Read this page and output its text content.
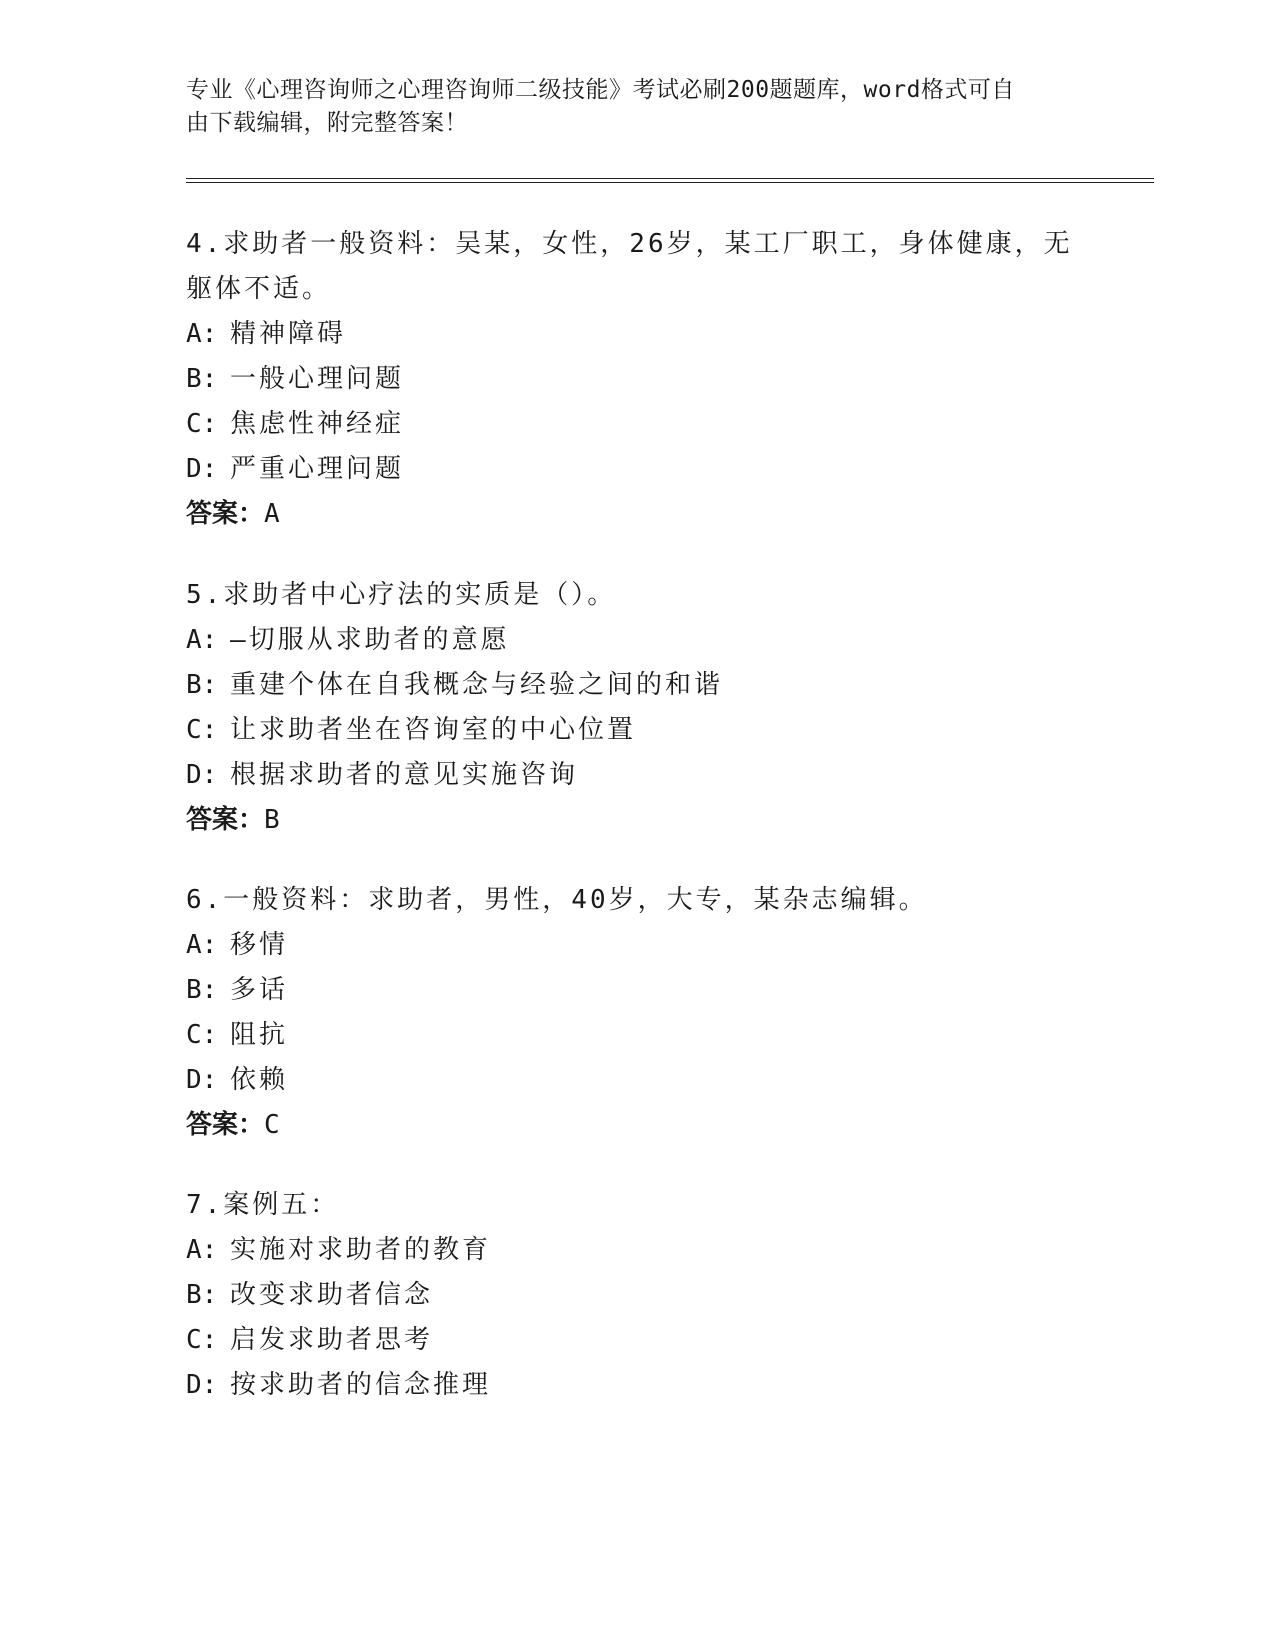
专业《心理咨询师之心理咨询师二级技能》考试必刷200题题库，word格式可自
由下载编辑，附完整答案！

4.求助者一般资料：吴某，女性，26岁，某工厂职工，身体健康，无

躯体不适。

A: 精神障碍

B: 一般心理问题

C: 焦虑性神经症

D: 严重心理问题

答案：A

5.求助者中心疗法的实质是（）。

A: —切服从求助者的意愿

B: 重建个体在自我概念与经验之间的和谐

C: 让求助者坐在咨询室的中心位置

D: 根据求助者的意见实施咨询

答案：B

6.一般资料：求助者，男性，40岁，大专，某杂志编辑。

A: 移情

B: 多话

C: 阻抗

D: 依赖

答案：C

7.案例五：

A: 实施对求助者的教育

B: 改变求助者信念

C: 启发求助者思考

D: 按求助者的信念推理
